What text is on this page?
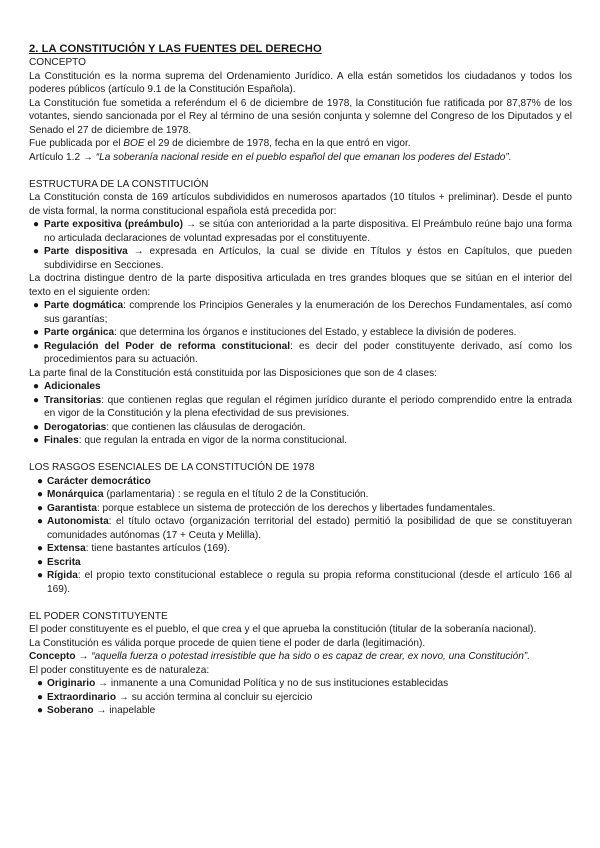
2. LA CONSTITUCIÓN Y LAS FUENTES DEL DERECHO
CONCEPTO

La Constitución es la norma suprema del Ordenamiento Jurídico. A ella están sometidos los ciudadanos y todos los poderes públicos (artículo 9.1 de la Constitución Española).

La Constitución fue sometida a referéndum el 6 de diciembre de 1978, la Constitución fue ratificada por 87,87% de los votantes, siendo sancionada por el Rey al término de una sesión conjunta y solemne del Congreso de los Diputados y el Senado el 27 de diciembre de 1978.

Fue publicada por el BOE el 29 de diciembre de 1978, fecha en la que entró en vigor.

Artículo 1.2 → “La soberanía nacional reside en el pueblo español del que emanan los poderes del Estado”.

ESTRUCTURA DE LA CONSTITUCIÓN

La Constitución consta de 169 artículos subdivididos en numerosos apartados (10 títulos + preliminar). Desde el punto de vista formal, la norma constitucional española está precedida por:

● Parte expositiva (preámbulo) → se sitúa con anterioridad a la parte dispositiva. El Preámbulo reúne bajo una forma no articulada declaraciones de voluntad expresadas por el constituyente.
● Parte dispositiva → expresada en Artículos, la cual se divide en Títulos y éstos en Capítulos, que pueden subdividirse en Secciones.

La doctrina distingue dentro de la parte dispositiva articulada en tres grandes bloques que se sitúan en el interior del texto en el siguiente orden:

● Parte dogmática: comprende los Principios Generales y la enumeración de los Derechos Fundamentales, así como sus garantías;
● Parte orgánica: que determina los órganos e instituciones del Estado, y establece la división de poderes.
● Regulación del Poder de reforma constitucional: es decir del poder constituyente derivado, así como los procedimientos para su actuación.

La parte final de la Constitución está constituida por las Disposiciones que son de 4 clases:

● Adicionales
● Transitorias: que contienen reglas que regulan el régimen jurídico durante el periodo comprendido entre la entrada en vigor de la Constitución y la plena efectividad de sus previsiones.
● Derogatorias: que contienen las cláusulas de derogación.
● Finales: que regulan la entrada en vigor de la norma constitucional.
LOS RASGOS ESENCIALES DE LA CONSTITUCIÓN DE 1978
● Carácter democrático
● Monárquica (parlamentaria) : se regula en el título 2 de la Constitución.
● Garantista: porque establece un sistema de protección de los derechos y libertades fundamentales.
● Autonomista: el título octavo (organización territorial del estado) permitió la posibilidad de que se constituyeran comunidades autónomas (17 + Ceuta y Melilla).
● Extensa: tiene bastantes artículos (169).
● Escrita
● Rígida: el propio texto constitucional establece o regula su propia reforma constitucional (desde el artículo 166 al 169).
EL PODER CONSTITUYENTE

El poder constituyente es el pueblo, el que crea y el que aprueba la constitución (titular de la soberanía nacional).

La Constitución es válida porque procede de quien tiene el poder de darla (legitimación).

Concepto → “aquella fuerza o potestad irresistible que ha sido o es capaz de crear, ex novo, una Constitución”.

El poder constituyente es de naturaleza:

● Originario → inmanente a una Comunidad Política y no de sus instituciones establecidas
● Extraordinario → su acción termina al concluir su ejercicio
● Soberano → inapelable
